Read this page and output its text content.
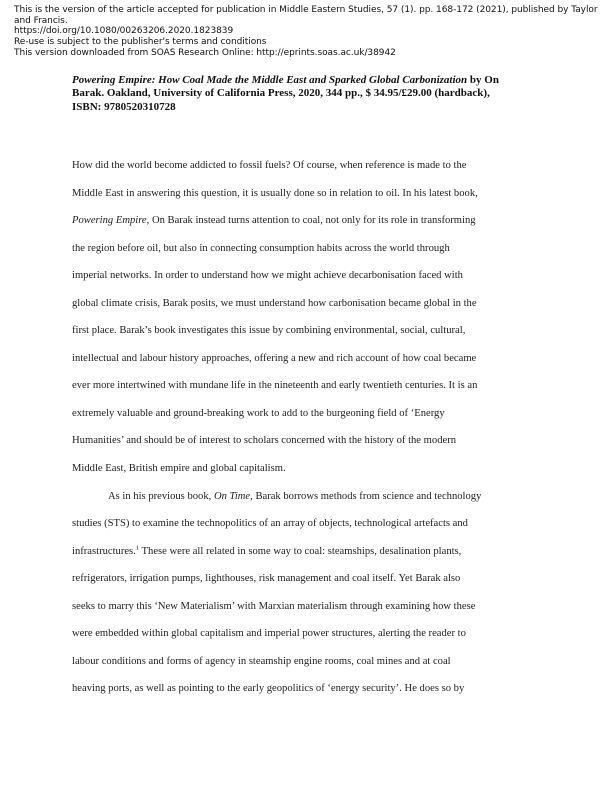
This is the version of the article accepted for publication in Middle Eastern Studies, 57 (1). pp. 168-172 (2021), published by Taylor
and Francis.
https://doi.org/10.1080/00263206.2020.1823839
Re-use is subject to the publisher's terms and conditions
This version downloaded from SOAS Research Online: http://eprints.soas.ac.uk/38942
Powering Empire: How Coal Made the Middle East and Sparked Global Carbonization by On
Barak. Oakland, University of California Press, 2020, 344 pp., $ 34.95/£29.00 (hardback),
ISBN: 9780520310728

How did the world become addicted to fossil fuels? Of course, when reference is made to the
Middle East in answering this question, it is usually done so in relation to oil. In his latest book,
Powering Empire, On Barak instead turns attention to coal, not only for its role in transforming
the region before oil, but also in connecting consumption habits across the world through
imperial networks. In order to understand how we might achieve decarbonisation faced with
global climate crisis, Barak posits, we must understand how carbonisation became global in the
first place. Barak’s book investigates this issue by combining environmental, social, cultural,
intellectual and labour history approaches, offering a new and rich account of how coal became
ever more intertwined with mundane life in the nineteenth and early twentieth centuries. It is an
extremely valuable and ground-breaking work to add to the burgeoning field of ‘Energy
Humanities’ and should be of interest to scholars concerned with the history of the modern
Middle East, British empire and global capitalism.

As in his previous book, On Time, Barak borrows methods from science and technology
studies (STS) to examine the technopolitics of an array of objects, technological artefacts and
infrastructures.$^1$ These were all related in some way to coal: steamships, desalination plants,
refrigerators, irrigation pumps, lighthouses, risk management and coal itself. Yet Barak also
seeks to marry this ‘New Materialism’ with Marxian materialism through examining how these
were embedded within global capitalism and imperial power structures, alerting the reader to
labour conditions and forms of agency in steamship engine rooms, coal mines and at coal
heaving ports, as well as pointing to the early geopolitics of ‘energy security’. He does so by
